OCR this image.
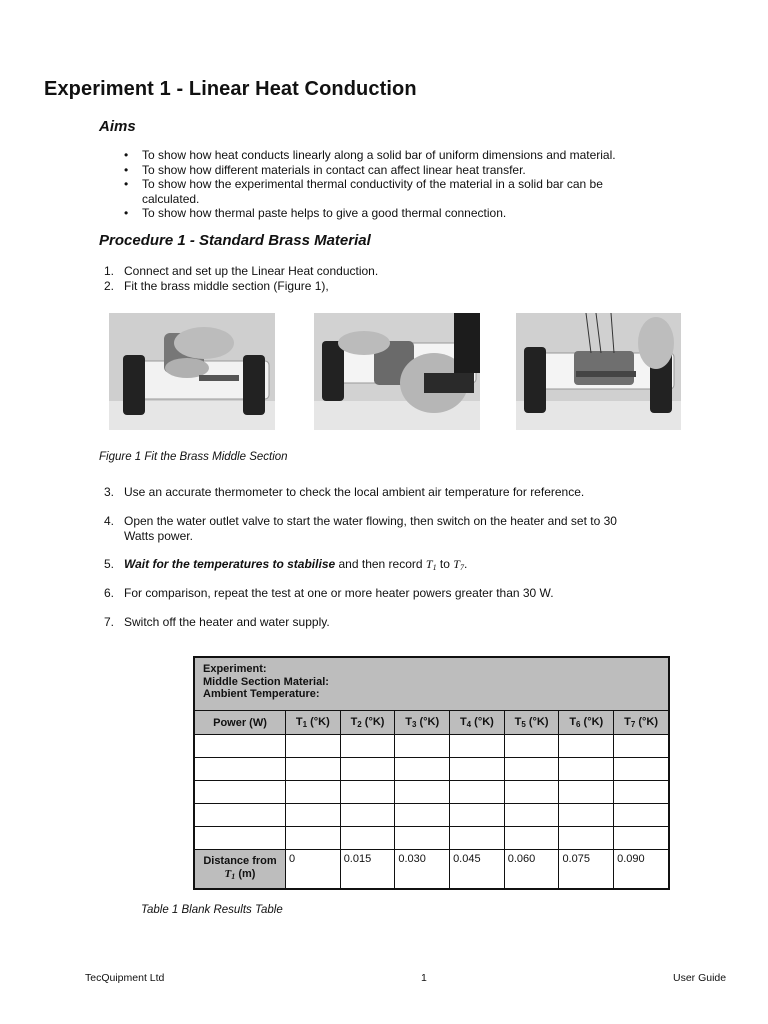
Experiment 1 - Linear Heat Conduction
Aims
• To show how heat conducts linearly along a solid bar of uniform dimensions and material.
• To show how different materials in contact can affect linear heat transfer.
• To show how the experimental thermal conductivity of the material in a solid bar can be calculated.
• To show how thermal paste helps to give a good thermal connection.
Procedure 1 - Standard Brass Material
1. Connect and set up the Linear Heat conduction.
2. Fit the brass middle section (Figure 1),
Figure 1 Fit the Brass Middle Section
3. Use an accurate thermometer to check the local ambient air temperature for reference.
4. Open the water outlet valve to start the water flowing, then switch on the heater and set to 30 Watts power.
5. Wait for the temperatures to stabilise and then record $T_1$ to $T_7$.
6. For comparison, repeat the test at one or more heater powers greater than 30 W.
7. Switch off the heater and water supply.
Experiment:
Middle Section Material:
Ambient Temperature:							

Power (W)	$T_1$ (°K)	$T_2$ (°K)	$T_3$ (°K)	$T_4$ (°K)	$T_5$ (°K)	$T_6$ (°K)	$T_7$ (°K)

Distance from
$T_1$ (m)	0	0.015	0.030	0.045	0.060	0.075	0.090
Table 1 Blank Results Table
TecQuipment Ltd	1	User Guide
